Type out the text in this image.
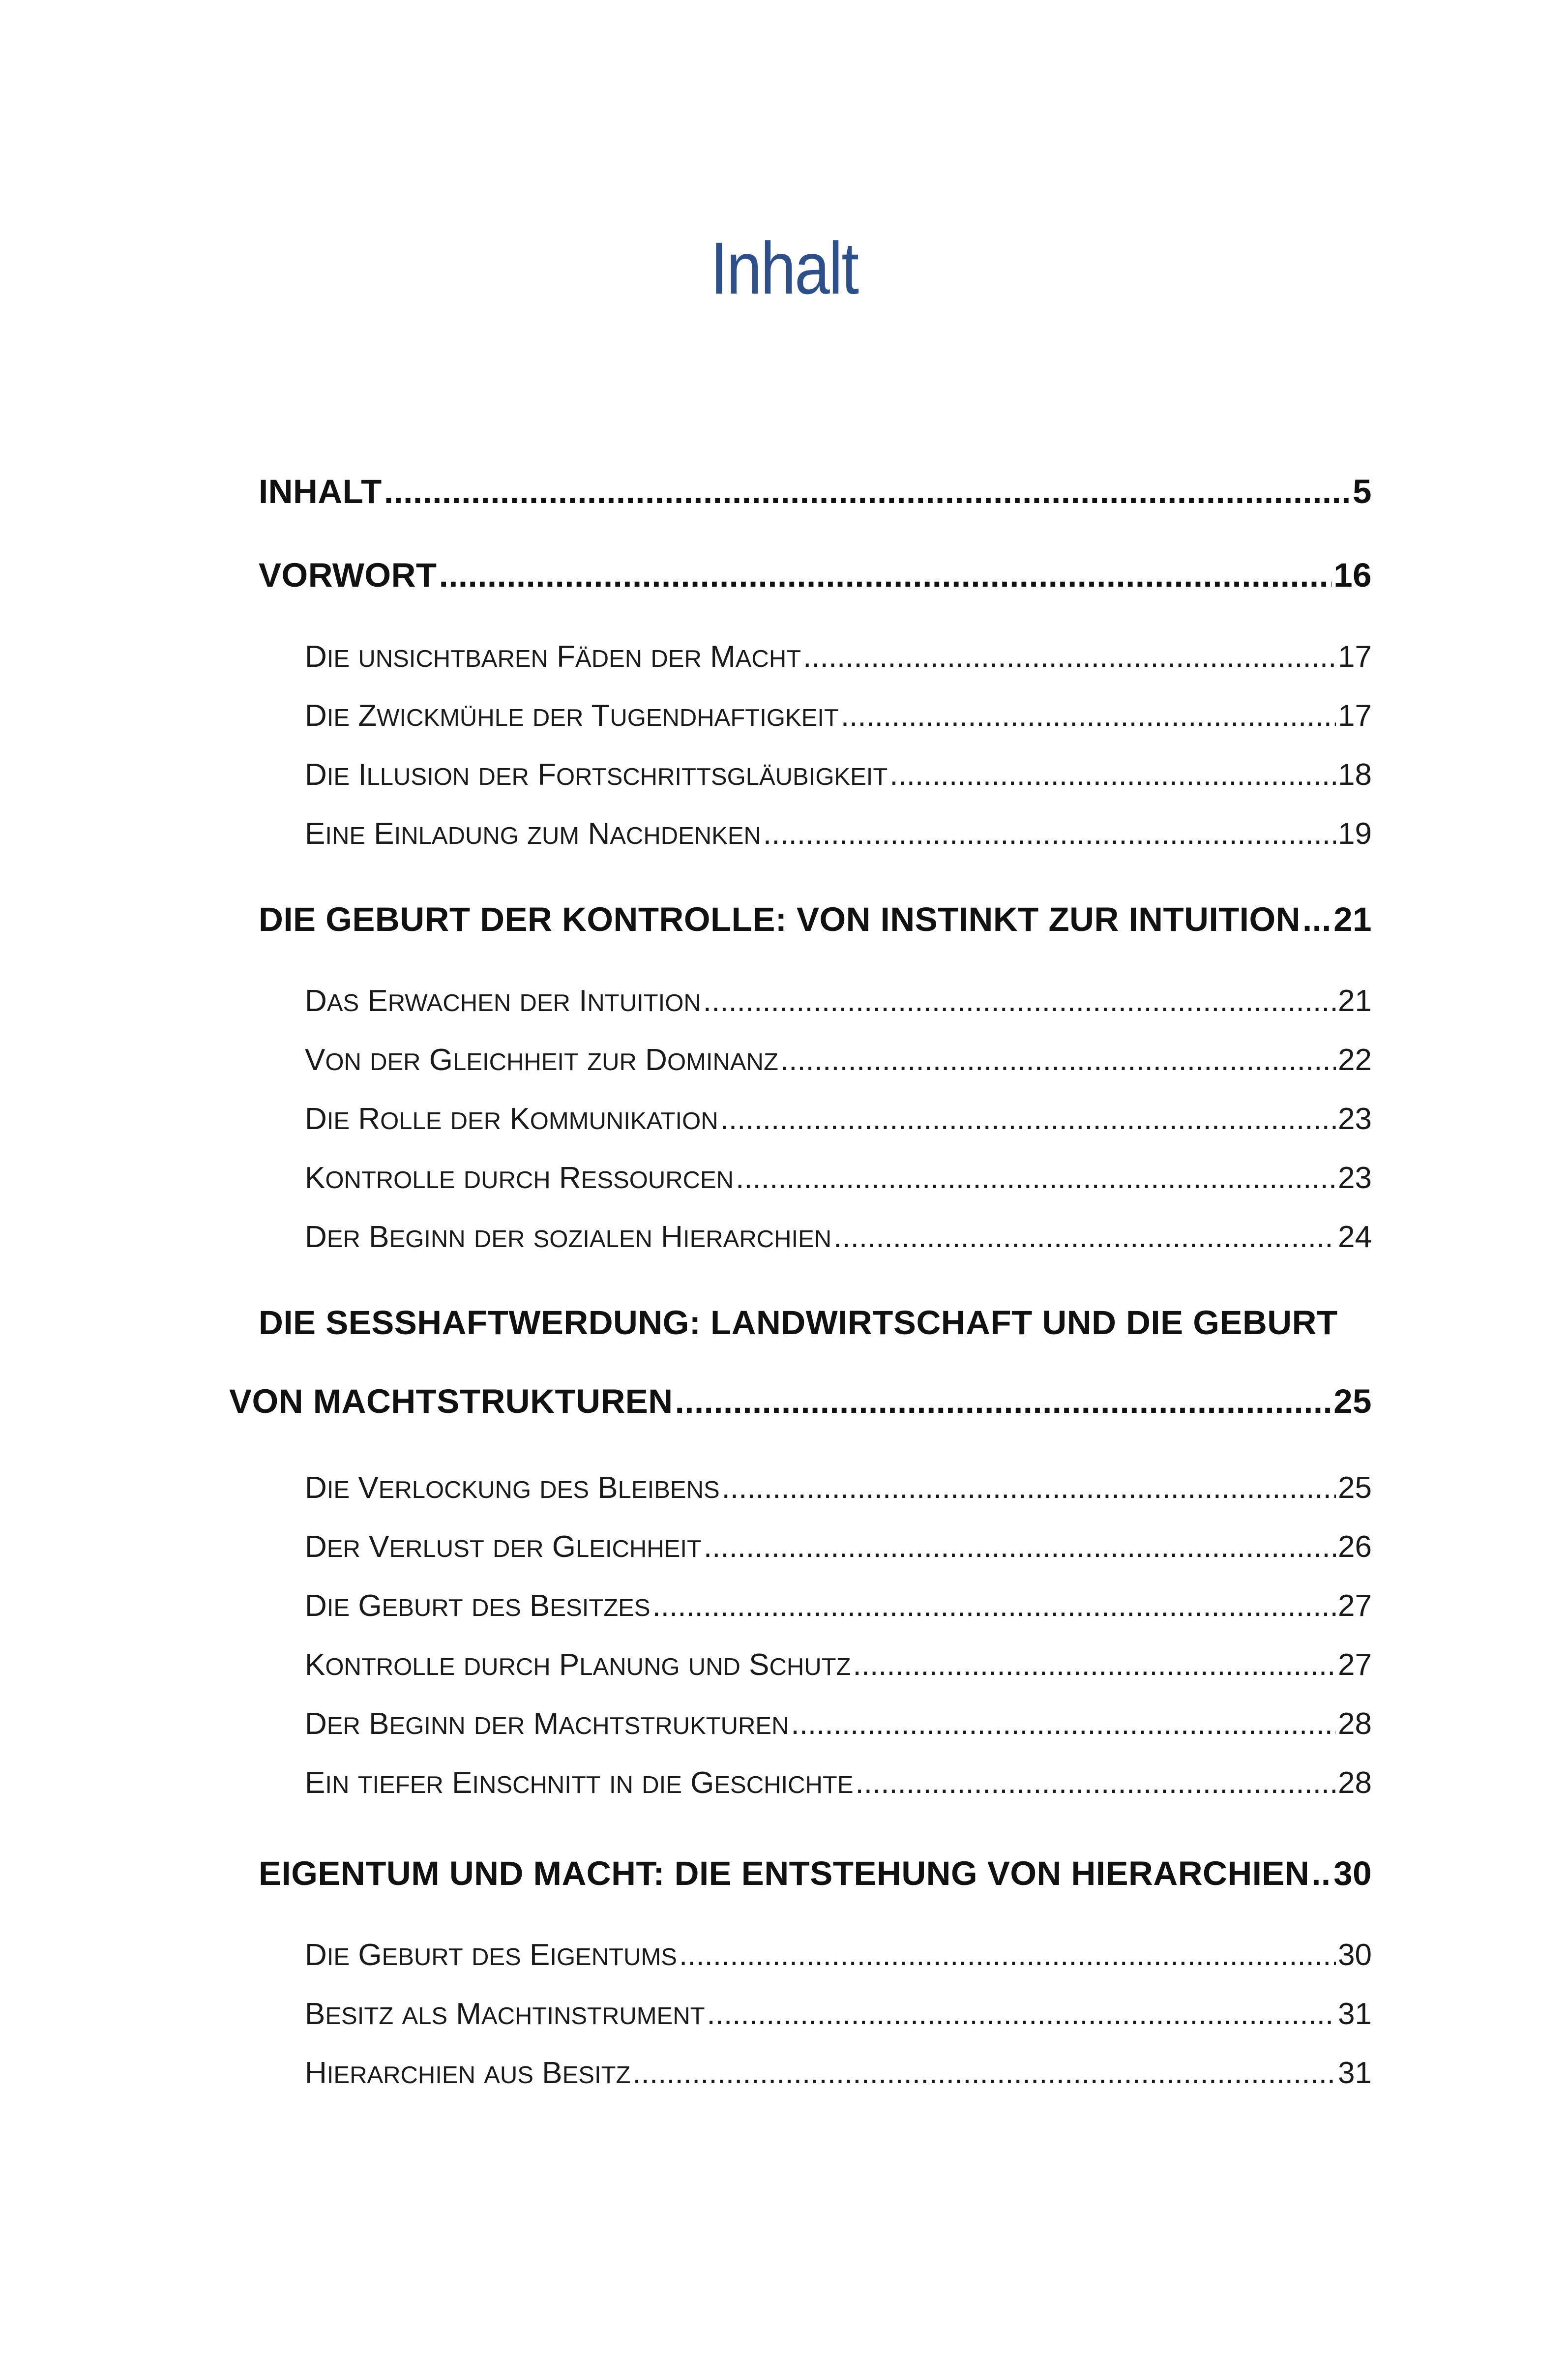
Inhalt
INHALT .....	5
VORWORT .....	16
DIE UNSICHTBAREN FÄDEN DER MACHT .....	17
DIE ZWICKMÜHLE DER TUGENDHAFTIGKEIT .....	17
DIE ILLUSION DER FORTSCHRITTSGLÄUBIGKEIT .....	18
EINE EINLADUNG ZUM NACHDENKEN .....	19
DIE GEBURT DER KONTROLLE: VON INSTINKT ZUR INTUITION ..... 21
DAS ERWACHEN DER INTUITION .....	21
VON DER GLEICHHEIT ZUR DOMINANZ .....	22
DIE ROLLE DER KOMMUNIKATION .....	23
KONTROLLE DURCH RESSOURCEN .....	23
DER BEGINN DER SOZIALEN HIERARCHIEN .....	24
DIE SESSHAFTWERDUNG: LANDWIRTSCHAFT UND DIE GEBURT
VON MACHTSTRUKTUREN .....	25
DIE VERLOCKUNG DES BLEIBENS .....	25
DER VERLUST DER GLEICHHEIT .....	26
DIE GEBURT DES BESITZES .....	27
KONTROLLE DURCH PLANUNG UND SCHUTZ .....	27
DER BEGINN DER MACHTSTRUKTUREN .....	28
EIN TIEFER EINSCHNITT IN DIE GESCHICHTE .....	28
EIGENTUM UND MACHT: DIE ENTSTEHUNG VON HIERARCHIEN ..... 30
DIE GEBURT DES EIGENTUMS .....	30
BESITZ ALS MACHTINSTRUMENT .....	31
HIERARCHIEN AUS BESITZ .....	31
